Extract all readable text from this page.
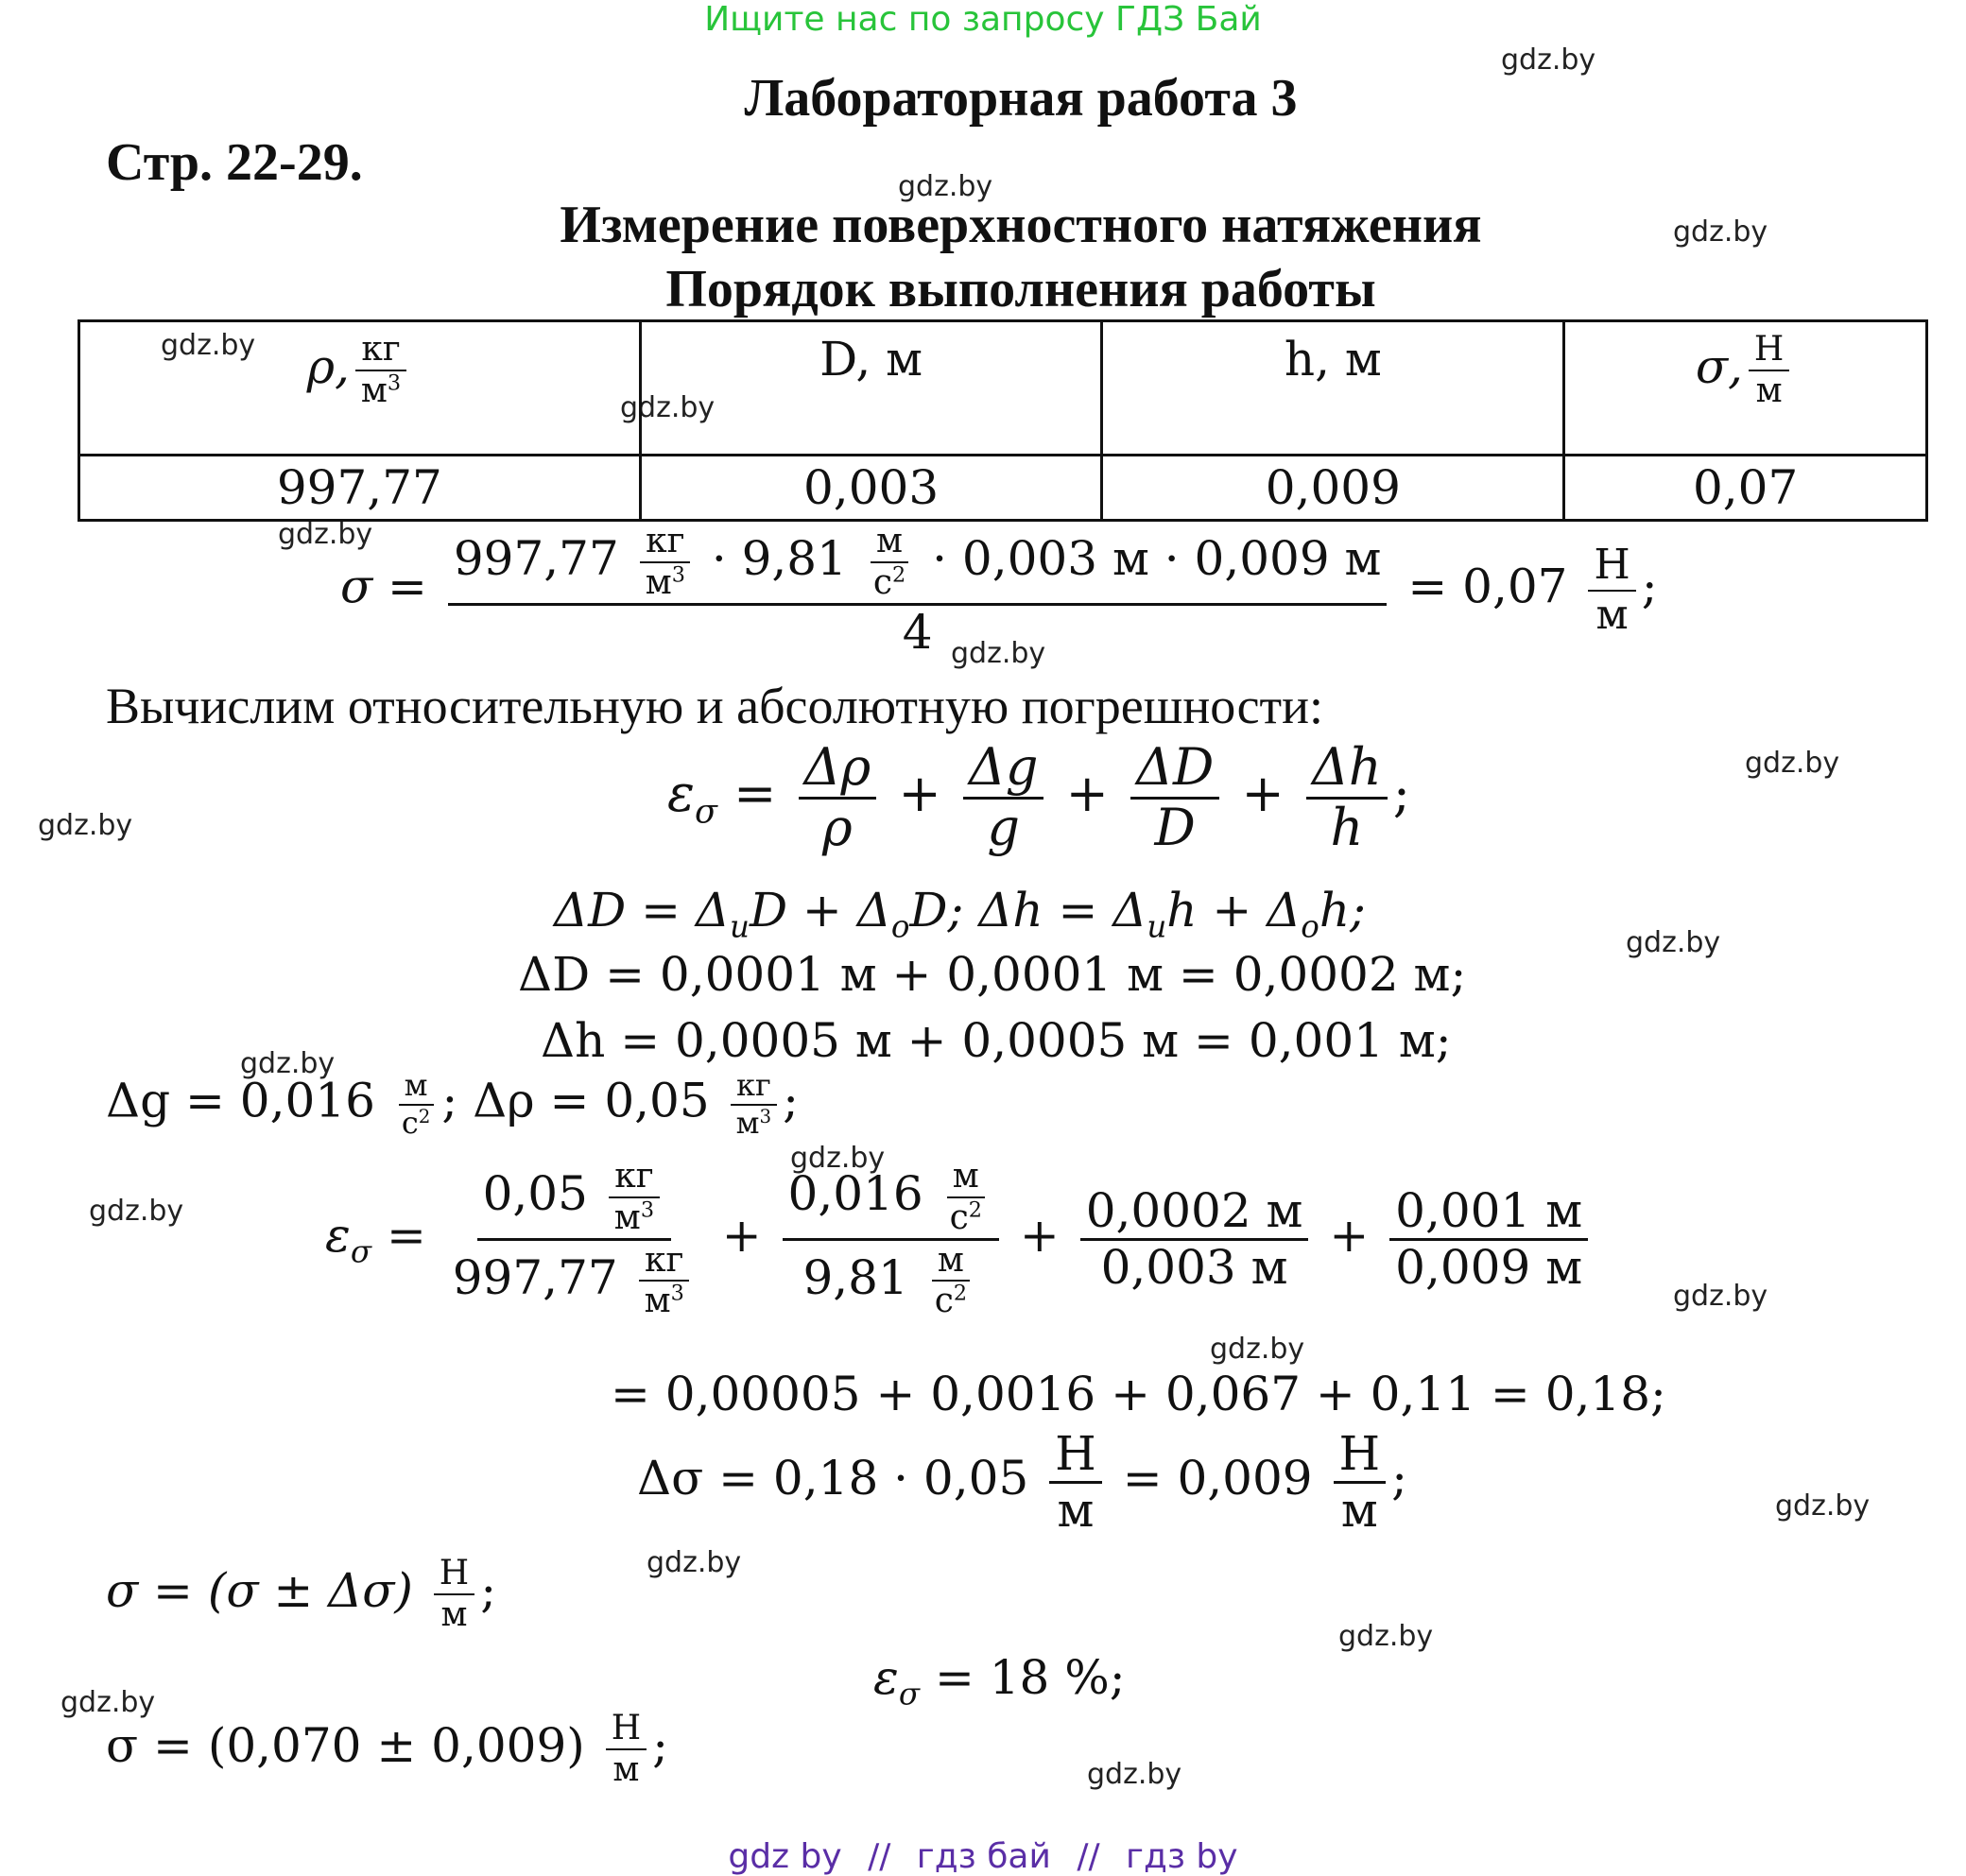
Ищите нас по запросу ГДЗ Бай
gdz.by
gdz.by
gdz.by
gdz.by
gdz.by
gdz.by
gdz.by
gdz.by
gdz.by
gdz.by
gdz.by
gdz.by
gdz.by
gdz.by
gdz.by
gdz.by
gdz.by
gdz.by
gdz.by
gdz.by
Лабораторная работа 3
Стр. 22-29.
Измерение поверхностного натяжения
Порядок выполнения работы
ρ, $\frac{кг}{м^3}$	D, м	h, м	σ, $\frac{Н}{м}$

997,77	0,003	0,009	0,07
σ =
$997,77 \frac{кг}{м^3} \cdot 9,81 \frac{м}{с^2} \cdot 0,003$ м · 0,009 м
4
= $0,07 \frac{Н}{м}$ ;
Вычислим относительную и абсолютную погрешности:
$\varepsilon_\sigma = \frac{\Delta\rho}{\rho} + \frac{\Delta g}{g} + \frac{\Delta D}{D} + \frac{\Delta h}{h}$ ;
$\Delta D = \Delta_иD + \Delta_оD$; $\Delta h = \Delta_иh + \Delta_оh$;
ΔD = 0,0001 м + 0,0001 м = 0,0002 м;
Δh = 0,0005 м + 0,0005 м = 0,001 м;
$\Delta g = 0,016 \frac{м}{с^2}$ ; $\Delta\rho = 0,05 \frac{кг}{м^3}$ ;
$\varepsilon_\sigma = \frac{0,05 \frac{кг}{м^3}}{997,77 \frac{кг}{м^3}} + \frac{0,016 \frac{м}{с^2}}{9,81 \frac{м}{с^2}} + \frac{0,0002 м}{0,003 м} + \frac{0,001 м}{0,009 м}$
= 0,00005 + 0,0016 + 0,067 + 0,11 = 0,18;
$\Delta\sigma = 0,18 \cdot 0,05 \frac{Н}{м} = 0,009 \frac{Н}{м}$ ;
$\sigma = (\sigma \pm \Delta\sigma) \frac{Н}{м}$ ;
$\varepsilon_\sigma = 18$ %;
$\sigma = (0,070 \pm 0,009) \frac{Н}{м}$ ;
gdz by // гдз бай // гдз by
